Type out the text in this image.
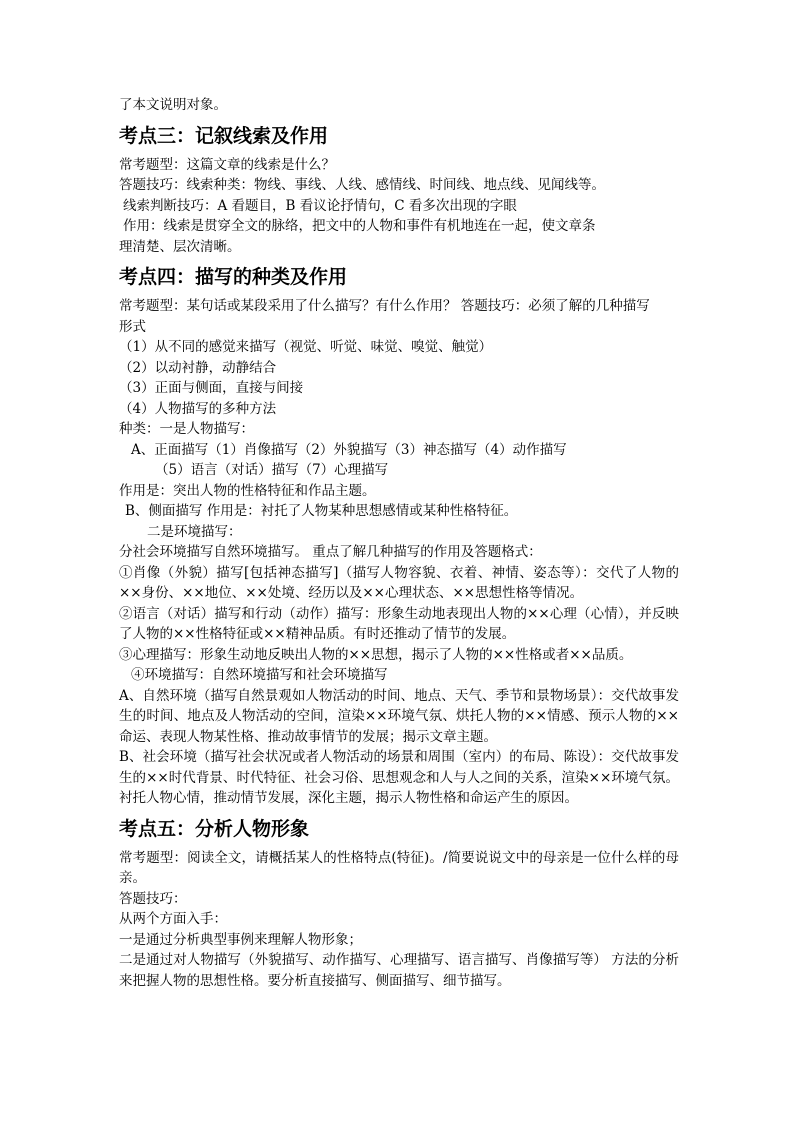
了本文说明对象。

考点三：记叙线索及作用

常考题型：这篇文章的线索是什么？

答题技巧：线索种类：物线、事线、人线、感情线、时间线、地点线、见闻线等。

线索判断技巧：A 看题目，B 看议论抒情句，C 看多次出现的字眼

作用：线索是贯穿全文的脉络，把文中的人物和事件有机地连在一起，使文章条

理清楚、层次清晰。

考点四：描写的种类及作用

常考题型：某句话或某段采用了什么描写？有什么作用？ 答题技巧：必须了解的几种描写

形式

（1）从不同的感觉来描写（视觉、听觉、味觉、嗅觉、触觉）

（2）以动衬静，动静结合

（3）正面与侧面，直接与间接

（4）人物描写的多种方法

种类：一是人物描写：

A、正面描写（1）肖像描写（2）外貌描写（3）神态描写（4）动作描写

（5）语言（对话）描写（7）心理描写

作用是：突出人物的性格特征和作品主题。

B、侧面描写 作用是：衬托了人物某种思想感情或某种性格特征。

二是环境描写：

分社会环境描写自然环境描写。 重点了解几种描写的作用及答题格式：

①肖像（外貌）描写[包括神态描写]（描写人物容貌、衣着、神情、姿态等）：交代了人物的××身份、××地位、××处境、经历以及××心理状态、××思想性格等情况。

②语言（对话）描写和行动（动作）描写：形象生动地表现出人物的××心理（心情），并反映了人物的××性格特征或××精神品质。有时还推动了情节的发展。

③心理描写：形象生动地反映出人物的××思想，揭示了人物的××性格或者××品质。

④环境描写：自然环境描写和社会环境描写

A、自然环境（描写自然景观如人物活动的时间、地点、天气、季节和景物场景）：交代故事发生的时间、地点及人物活动的空间，渲染××环境气氛、烘托人物的××情感、预示人物的××命运、表现人物某性格、推动故事情节的发展；揭示文章主题。

B、社会环境（描写社会状况或者人物活动的场景和周围（室内）的布局、陈设）：交代故事发生的××时代背景、时代特征、社会习俗、思想观念和人与人之间的关系，渲染××环境气氛。衬托人物心情，推动情节发展，深化主题，揭示人物性格和命运产生的原因。

考点五：分析人物形象

常考题型：阅读全文，请概括某人的性格特点(特征)。/简要说说文中的母亲是一位什么样的母亲。

答题技巧：

从两个方面入手：

一是通过分析典型事例来理解人物形象；

二是通过对人物描写（外貌描写、动作描写、心理描写、语言描写、肖像描写等） 方法的分析来把握人物的思想性格。要分析直接描写、侧面描写、细节描写。
